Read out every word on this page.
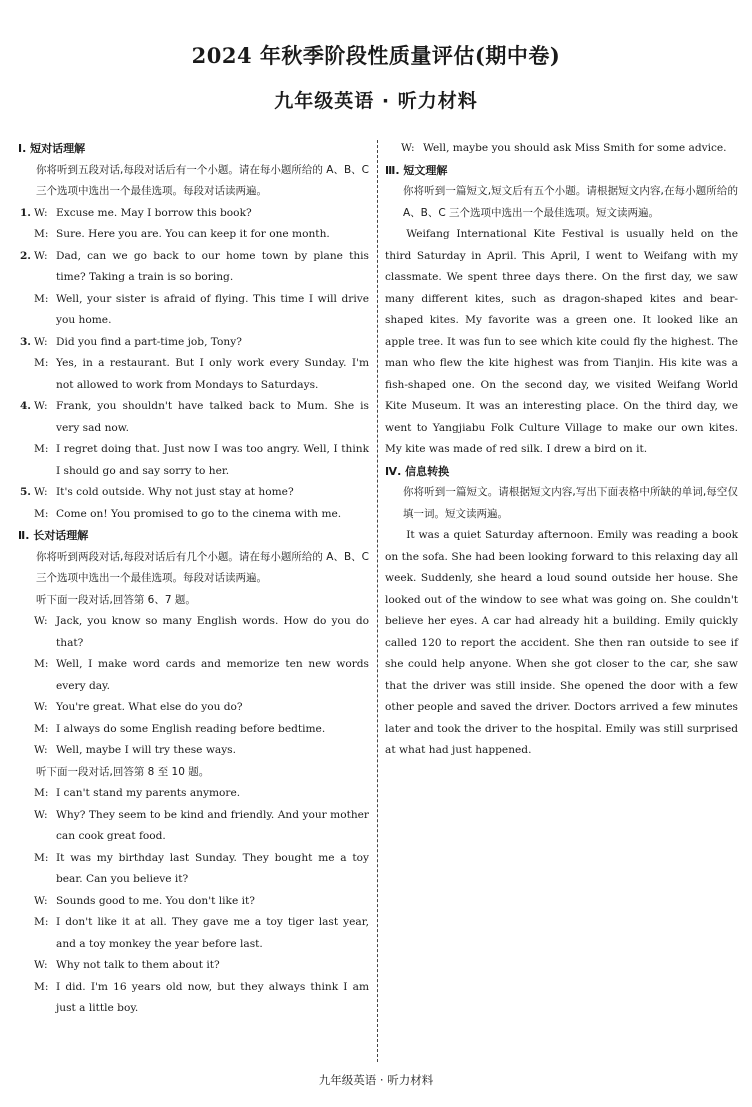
2024 年秋季阶段性质量评估(期中卷)
九年级英语 · 听力材料
Ⅰ. 短对话理解

你将听到五段对话,每段对话后有一个小题。请在每小题所给的 A、B、C 三个选项中选出一个最佳选项。每段对话读两遍。

1. W: Excuse me. May I borrow this book?
M: Sure. Here you are. You can keep it for one month.
2. W: Dad, can we go back to our home town by plane this time? Taking a train is so boring.
M: Well, your sister is afraid of flying. This time I will drive you home.
3. W: Did you find a part-time job, Tony?
M: Yes, in a restaurant. But I only work every Sunday. I'm not allowed to work from Mondays to Saturdays.
4. W: Frank, you shouldn't have talked back to Mum. She is very sad now.
M: I regret doing that. Just now I was too angry. Well, I think I should go and say sorry to her.
5. W: It's cold outside. Why not just stay at home?
M: Come on! You promised to go to the cinema with me.
Ⅱ. 长对话理解

你将听到两段对话,每段对话后有几个小题。请在每小题所给的 A、B、C 三个选项中选出一个最佳选项。每段对话读两遍。

听下面一段对话,回答第 6、7 题。

W: Jack, you know so many English words. How do you do that?
M: Well, I make word cards and memorize ten new words every day.
W: You're great. What else do you do?
M: I always do some English reading before bedtime.
W: Well, maybe I will try these ways.

听下面一段对话,回答第 8 至 10 题。

M: I can't stand my parents anymore.
W: Why? They seem to be kind and friendly. And your mother can cook great food.
M: It was my birthday last Sunday. They bought me a toy bear. Can you believe it?
W: Sounds good to me. You don't like it?
M: I don't like it at all. They gave me a toy tiger last year, and a toy monkey the year before last.
W: Why not talk to them about it?
M: I did. I'm 16 years old now, but they always think I am just a little boy.
W: Well, maybe you should ask Miss Smith for some advice.
Ⅲ. 短文理解

你将听到一篇短文,短文后有五个小题。请根据短文内容,在每小题所给的 A、B、C 三个选项中选出一个最佳选项。短文读两遍。

Weifang International Kite Festival is usually held on the third Saturday in April. This April, I went to Weifang with my classmate. We spent three days there. On the first day, we saw many different kites, such as dragon-shaped kites and bear-shaped kites. My favorite was a green one. It looked like an apple tree. It was fun to see which kite could fly the highest. The man who flew the kite highest was from Tianjin. His kite was a fish-shaped one. On the second day, we visited Weifang World Kite Museum. It was an interesting place. On the third day, we went to Yangjiabu Folk Culture Village to make our own kites. My kite was made of red silk. I drew a bird on it.

Ⅳ. 信息转换

你将听到一篇短文。请根据短文内容,写出下面表格中所缺的单词,每空仅填一词。短文读两遍。

It was a quiet Saturday afternoon. Emily was reading a book on the sofa. She had been looking forward to this relaxing day all week. Suddenly, she heard a loud sound outside her house. She looked out of the window to see what was going on. She couldn't believe her eyes. A car had already hit a building. Emily quickly called 120 to report the accident. She then ran outside to see if she could help anyone. When she got closer to the car, she saw that the driver was still inside. She opened the door with a few other people and saved the driver. Doctors arrived a few minutes later and took the driver to the hospital. Emily was still surprised at what had just happened.

九年级英语 · 听力材料
